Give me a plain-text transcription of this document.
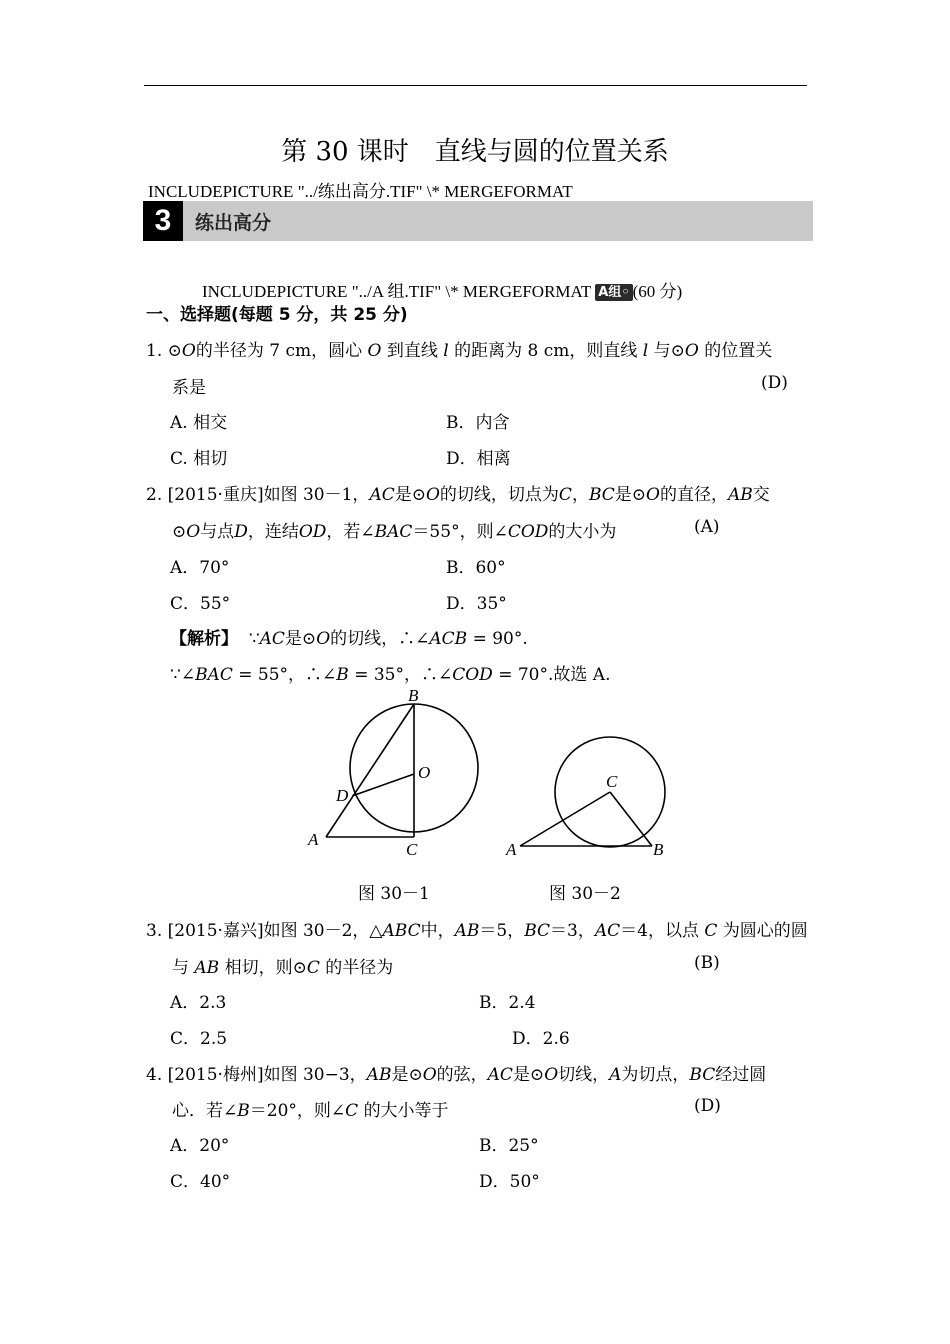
第 30 课时　直线与圆的位置关系
INCLUDEPICTURE "../练出高分.TIF" \* MERGEFORMAT
3	练出高分
INCLUDEPICTURE "../A 组.TIF" \* MERGEFORMAT A组◦ (60 分)
一、选择题(每题 5 分，共 25 分)
1. ⊙O的半径为 7 cm，圆心 O 到直线 l 的距离为 8 cm，则直线 l 与⊙O 的位置关
系是	(D)
A. 相交	B．内含
C. 相切	D．相离
2. [2015·重庆]如图 30－1，AC是⊙O的切线，切点为C，BC是⊙O的直径，AB交
⊙O与点D，连结OD，若∠BAC＝55°，则∠COD的大小为	(A)
A．70°	B．60°
C．55°	D．35°
【解析】 ∵AC是⊙O的切线，∴∠ACB = 90°.
∵∠BAC = 55°，∴∠B = 35°，∴∠COD = 70°.故选 A.
B
O
D
A
C
C
A	B
图 30－1	图 30－2
3. [2015·嘉兴]如图 30－2，△ABC中，AB＝5，BC＝3，AC＝4，以点 C 为圆心的圆
与 AB 相切，则⊙C 的半径为	(B)
A．2.3	B．2.4
C．2.5	D．2.6
4. [2015·梅州]如图 30−3，AB是⊙O的弦，AC是⊙O切线，A为切点，BC经过圆
心．若∠B＝20°，则∠C 的大小等于	(D)
A．20°	B．25°
C．40°	D．50°
